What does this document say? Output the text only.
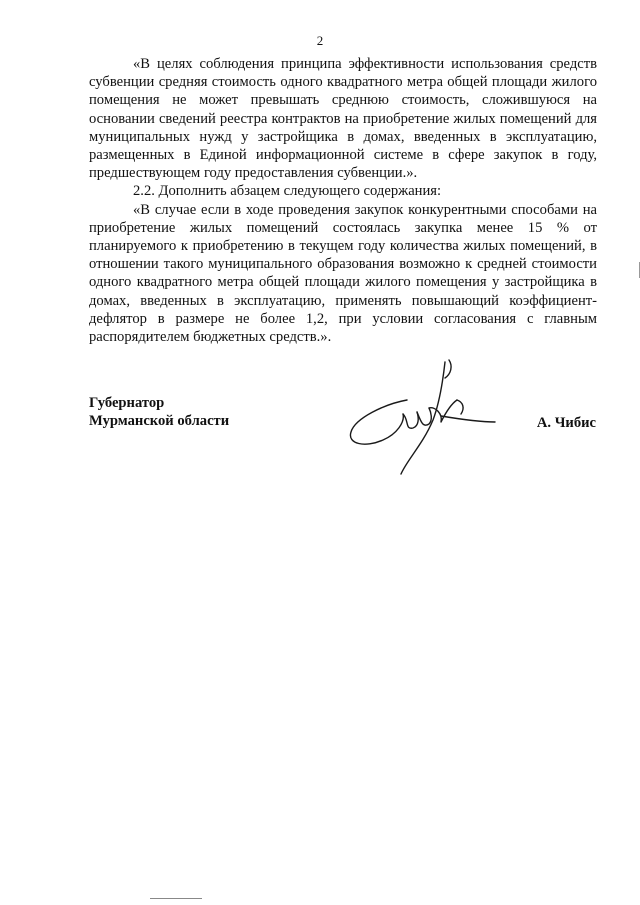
2

«В целях соблюдения принципа эффективности использования средств субвенции средняя стоимость одного квадратного метра общей площади жилого помещения не может превышать среднюю стоимость, сложившуюся на основании сведений реестра контрактов на приобретение жилых помещений для муниципальных нужд у застройщика в домах, введенных в эксплуатацию, размещенных в Единой информационной системе в сфере закупок в году, предшествующем году предоставления субвенции.».

2.2. Дополнить абзацем следующего содержания:

«В случае если в ходе проведения закупок конкурентными способами на приобретение жилых помещений состоялась закупка менее 15 % от планируемого к приобретению в текущем году количества жилых помещений, в отношении такого муниципального образования возможно к средней стоимости одного квадратного метра общей площади жилого помещения у застройщика в домах, введенных в эксплуатацию, применять повышающий коэффициент-дефлятор в размере не более 1,2, при условии согласования с главным распорядителем бюджетных средств.».

Губернатор
Мурманской области	А. Чибис
